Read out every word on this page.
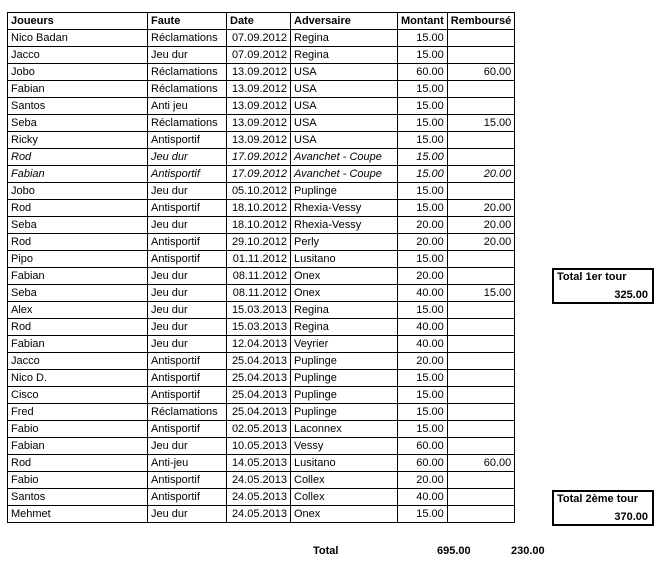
Joueurs	Faute	Date	Adversaire	Montant	Remboursé
Nico Badan	Réclamations	07.09.2012	Regina	15.00	
Jacco	Jeu dur	07.09.2012	Regina	15.00	
Jobo	Réclamations	13.09.2012	USA	60.00	60.00
Fabian	Réclamations	13.09.2012	USA	15.00	
Santos	Anti jeu	13.09.2012	USA	15.00	
Seba	Réclamations	13.09.2012	USA	15.00	15.00
Ricky	Antisportif	13.09.2012	USA	15.00	
Rod	Jeu dur	17.09.2012	Avanchet - Coupe	15.00	
Fabian	Antisportif	17.09.2012	Avanchet - Coupe	15.00	20.00
Jobo	Jeu dur	05.10.2012	Puplinge	15.00	
Rod	Antisportif	18.10.2012	Rhexia-Vessy	15.00	20.00
Seba	Jeu dur	18.10.2012	Rhexia-Vessy	20.00	20.00
Rod	Antisportif	29.10.2012	Perly	20.00	20.00
Pipo	Antisportif	01.11.2012	Lusitano	15.00	
Fabian	Jeu dur	08.11.2012	Onex	20.00	
Seba	Jeu dur	08.11.2012	Onex	40.00	15.00
Alex	Jeu dur	15.03.2013	Regina	15.00	
Rod	Jeu dur	15.03.2013	Regina	40.00	
Fabian	Jeu dur	12.04.2013	Veyrier	40.00	
Jacco	Antisportif	25.04.2013	Puplinge	20.00	
Nico D.	Antisportif	25.04.2013	Puplinge	15.00	
Cisco	Antisportif	25.04.2013	Puplinge	15.00	
Fred	Réclamations	25.04.2013	Puplinge	15.00	
Fabio	Antisportif	02.05.2013	Laconnex	15.00	
Fabian	Jeu dur	10.05.2013	Vessy	60.00	
Rod	Anti-jeu	14.05.2013	Lusitano	60.00	60.00
Fabio	Antisportif	24.05.2013	Collex	20.00	
Santos	Antisportif	24.05.2013	Collex	40.00	
Mehmet	Jeu dur	24.05.2013	Onex	15.00	
Total 1er tour
325.00
Total 2ème tour
370.00
Total	695.00	230.00
